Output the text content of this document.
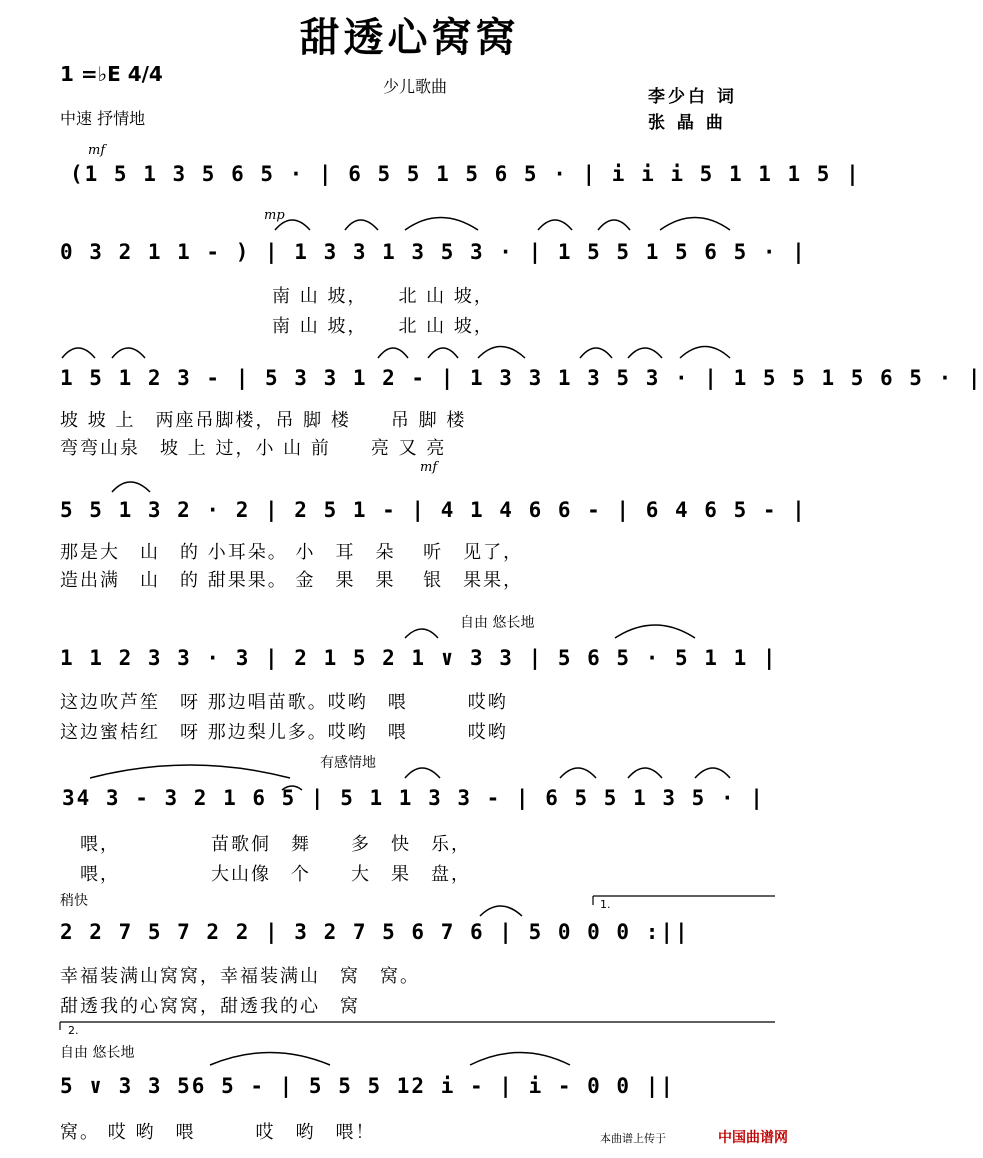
甜透心窝窝
1 =♭E 4/4
中速 抒情地
少儿歌曲
李少白 词
张 晶 曲
mf
mp
mf
自由 悠长地
有感情地
稍快	1.
2.
自由 悠长地
(1 5 1 3 5 6 5 · | 6 5 5 1 5 6 5 · | i i i 5 1 1 1 5 |
0 3 2 1 1 - ) | 1 3 3 1 3 5 3 · | 1 5 5 1 5 6 5 · |
南 山 坡，　　北 山 坡，
南 山 坡，　　北 山 坡，
1 5 1 2 3 - | 5 3 3 1 2 - | 1 3 3 1 3 5 3 · | 1 5 5 1 5 6 5 · |
坡 坡 上　两座吊脚楼，吊 脚 楼　　吊 脚 楼
弯弯山泉　坡 上 过，小 山 前　　亮 又 亮
5 5 1 3 2 · 2 | 2 5 1 - | 4 1 4 6 6 - | 6 4 6 5 - |
那是大　山　的 小耳朵。 小　耳　朵　 听　见了，
造出满　山　的 甜果果。 金　果　果　 银　果果，
1 1 2 3 3 · 3 | 2 1 5 2 1 ∨ 3 3 | 5 6 5 · 5 1 1 |
这边吹芦笙　呀 那边唱苗歌。哎哟　喂　　　哎哟
这边蜜桔红　呀 那边梨儿多。哎哟　喂　　　哎哟
34 3 - 3 2 1 6 5 | 5 1 1 3 3 - | 6 5 5 1 3 5 · |
喂，　　　　　苗歌侗　舞　　多　快　乐，
喂，　　　　　大山像　个　　大　果　盘，
2 2 7 5 7 2 2 | 3 2 7 5 6 7 6 | 5 0 0 0 :||
幸福装满山窝窝，幸福装满山　窝　窝。
甜透我的心窝窝，甜透我的心　窝
5 ∨ 3 3 56 5 - | 5 5 5 12 i - | i - 0 0 ||
窝。 哎 哟　喂　　　哎　哟　喂！	本曲谱上传于	中国曲谱网
